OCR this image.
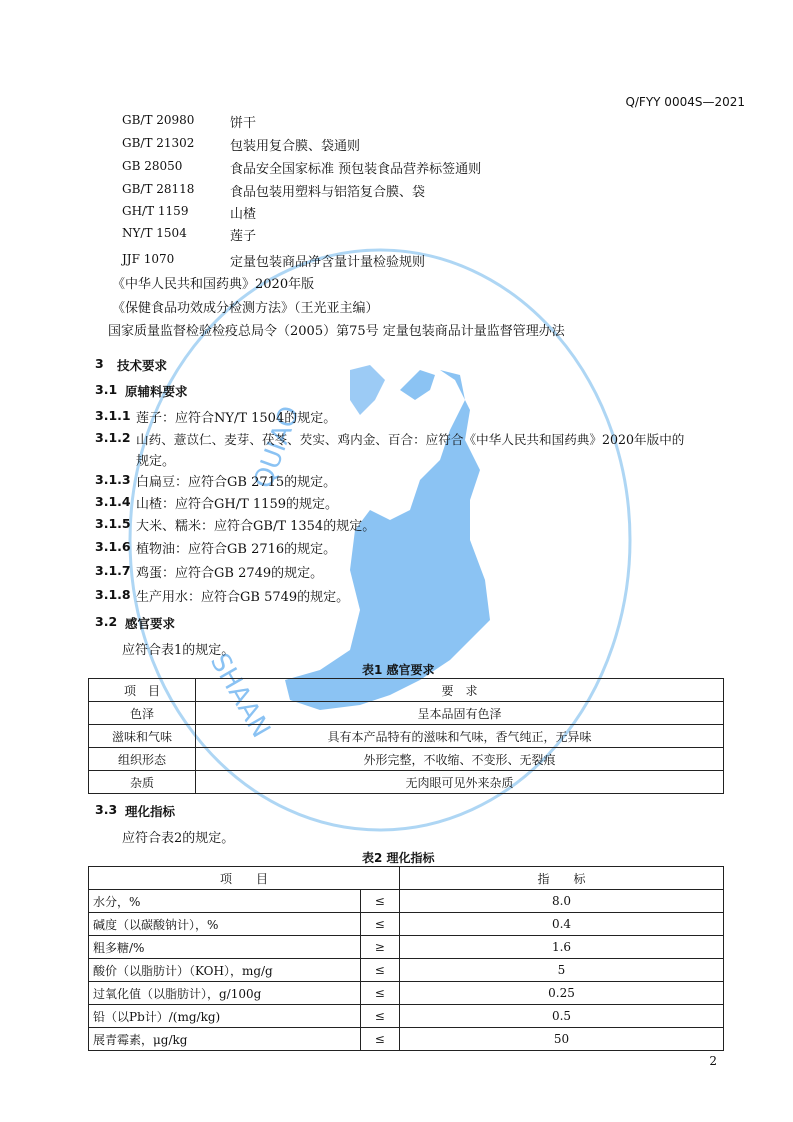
SHAAN
QUIAO
Q/FYY 0004S—2021
GB/T 20980	饼干
GB/T 21302	包装用复合膜、袋通则
GB 28050	食品安全国家标准 预包装食品营养标签通则
GB/T 28118	食品包装用塑料与铝箔复合膜、袋
GH/T 1159	山楂
NY/T 1504	莲子
JJF 1070	定量包装商品净含量计量检验规则
《中华人民共和国药典》2020年版
《保健食品功效成分检测方法》（王光亚主编）
国家质量监督检验检疫总局令（2005）第75号 定量包装商品计量监督管理办法
3 技术要求
3.1 原辅料要求
3.1.1 莲子：应符合NY/T 1504的规定。
3.1.2 山药、薏苡仁、麦芽、茯苓、芡实、鸡内金、百合：应符合《中华人民共和国药典》2020年版中的
规定。
3.1.3 白扁豆：应符合GB 2715的规定。
3.1.4 山楂：应符合GH/T 1159的规定。
3.1.5 大米、糯米：应符合GB/T 1354的规定。
3.1.6 植物油：应符合GB 2716的规定。
3.1.7 鸡蛋：应符合GB 2749的规定。
3.1.8 生产用水：应符合GB 5749的规定。
3.2 感官要求
应符合表1的规定。
表1 感官要求
项　目	要　求
色泽	呈本品固有色泽
滋味和气味	具有本产品特有的滋味和气味，香气纯正，无异味
组织形态	外形完整，不收缩、不变形、无裂痕
杂质	无肉眼可见外来杂质
3.3 理化指标
应符合表2的规定。
表2 理化指标
项　　目		指　　标
水分，%	≤	8.0
碱度（以碳酸钠计），%	≤	0.4
粗多糖/%	≥	1.6
酸价（以脂肪计）（KOH），mg/g	≤	5
过氧化值（以脂肪计），g/100g	≤	0.25
铅（以Pb计）/(mg/kg)	≤	0.5
展青霉素，μg/kg	≤	50
2
